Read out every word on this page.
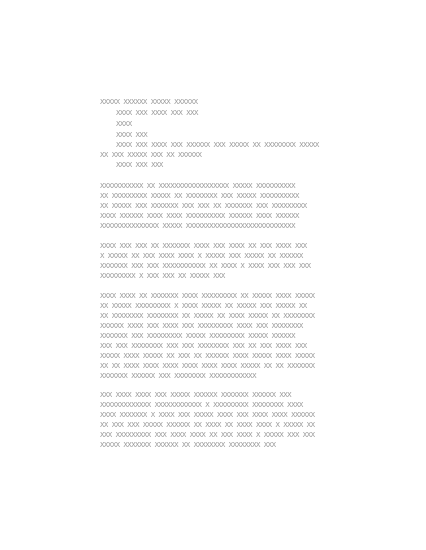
XXXXX XXXXXX XXXXX XXXXXX
XXXX XXX XXXX XXX XXX
XXXX
XXXX XXX
XXXX XXX XXXX XXX XXXXXX XXX XXXXX XX XXXXXXXX XXXXX
XX XXX XXXXX XXX XX XXXXXX
XXXX XXX XXX
XXXXXXXXXXX XX XXXXXXXXXXXXXXXXXX XXXXX XXXXXXXXXX
XX XXXXXXXXX XXXXX XX XXXXXXXX XXX XXXXX XXXXXXXXXX
XX XXXXX XXX XXXXXXX XXX XXX XX XXXXXXX XXX XXXXXXXXX
XXXX XXXXXX XXXX XXXX XXXXXXXXXX XXXXXX XXXX XXXXXX
XXXXXXXXXXXXXXX XXXXX XXXXXXXXXXXXXXXXXXXXXXXXXXXX
XXXX XXX XXX XX XXXXXXX XXXX XXX XXXX XX XXX XXXX XXX
X XXXXX XX XXX XXXX XXXX X XXXXX XXX XXXXX XX XXXXXX
XXXXXXX XXX XXX XXXXXXXXXXX XX XXXX X XXXX XXX XXX XXX
XXXXXXXXX X XXX XXX XX XXXXX XXX
XXXX XXXX XX XXXXXXX XXXX XXXXXXXXX XX XXXXX XXXX XXXXX
XX XXXXX XXXXXXXXX X XXXX XXXXX XX XXXXX XXX XXXXX XX
XX XXXXXXXX XXXXXXXX XX XXXXX XX XXXX XXXXX XX XXXXXXXX
XXXXXX XXXX XXX XXXX XXX XXXXXXXXX XXXX XXX XXXXXXXX
XXXXXXX XXX XXXXXXXXX XXXXX XXXXXXXXX XXXXX XXXXXX
XXX XXX XXXXXXXX XXX XXX XXXXXXXX XXX XX XXX XXXX XXX
XXXXX XXXX XXXXX XX XXX XX XXXXXX XXXX XXXXX XXXX XXXXX
XX XX XXXX XXXX XXXX XXXX XXXX XXXX XXXXX XX XX XXXXXXX
XXXXXXX XXXXXX XXX XXXXXXXX XXXXXXXXXXXX
XXX XXXX XXXX XXX XXXXX XXXXXX XXXXXXX XXXXXX XXX
XXXXXXXXXXXXX XXXXXXXXXXXX X XXXXXXXXX XXXXXXXX XXXX
XXXX XXXXXXX X XXXX XXX XXXXX XXXX XXX XXXX XXXX XXXXXX
XX XXX XXX XXXXX XXXXXX XX XXXX XX XXXX XXXX X XXXXX XX
XXX XXXXXXXXX XXX XXXX XXXX XX XXX XXXX X XXXXX XXX XXX
XXXXX XXXXXXX XXXXXX XX XXXXXXXX XXXXXXXX XXX
